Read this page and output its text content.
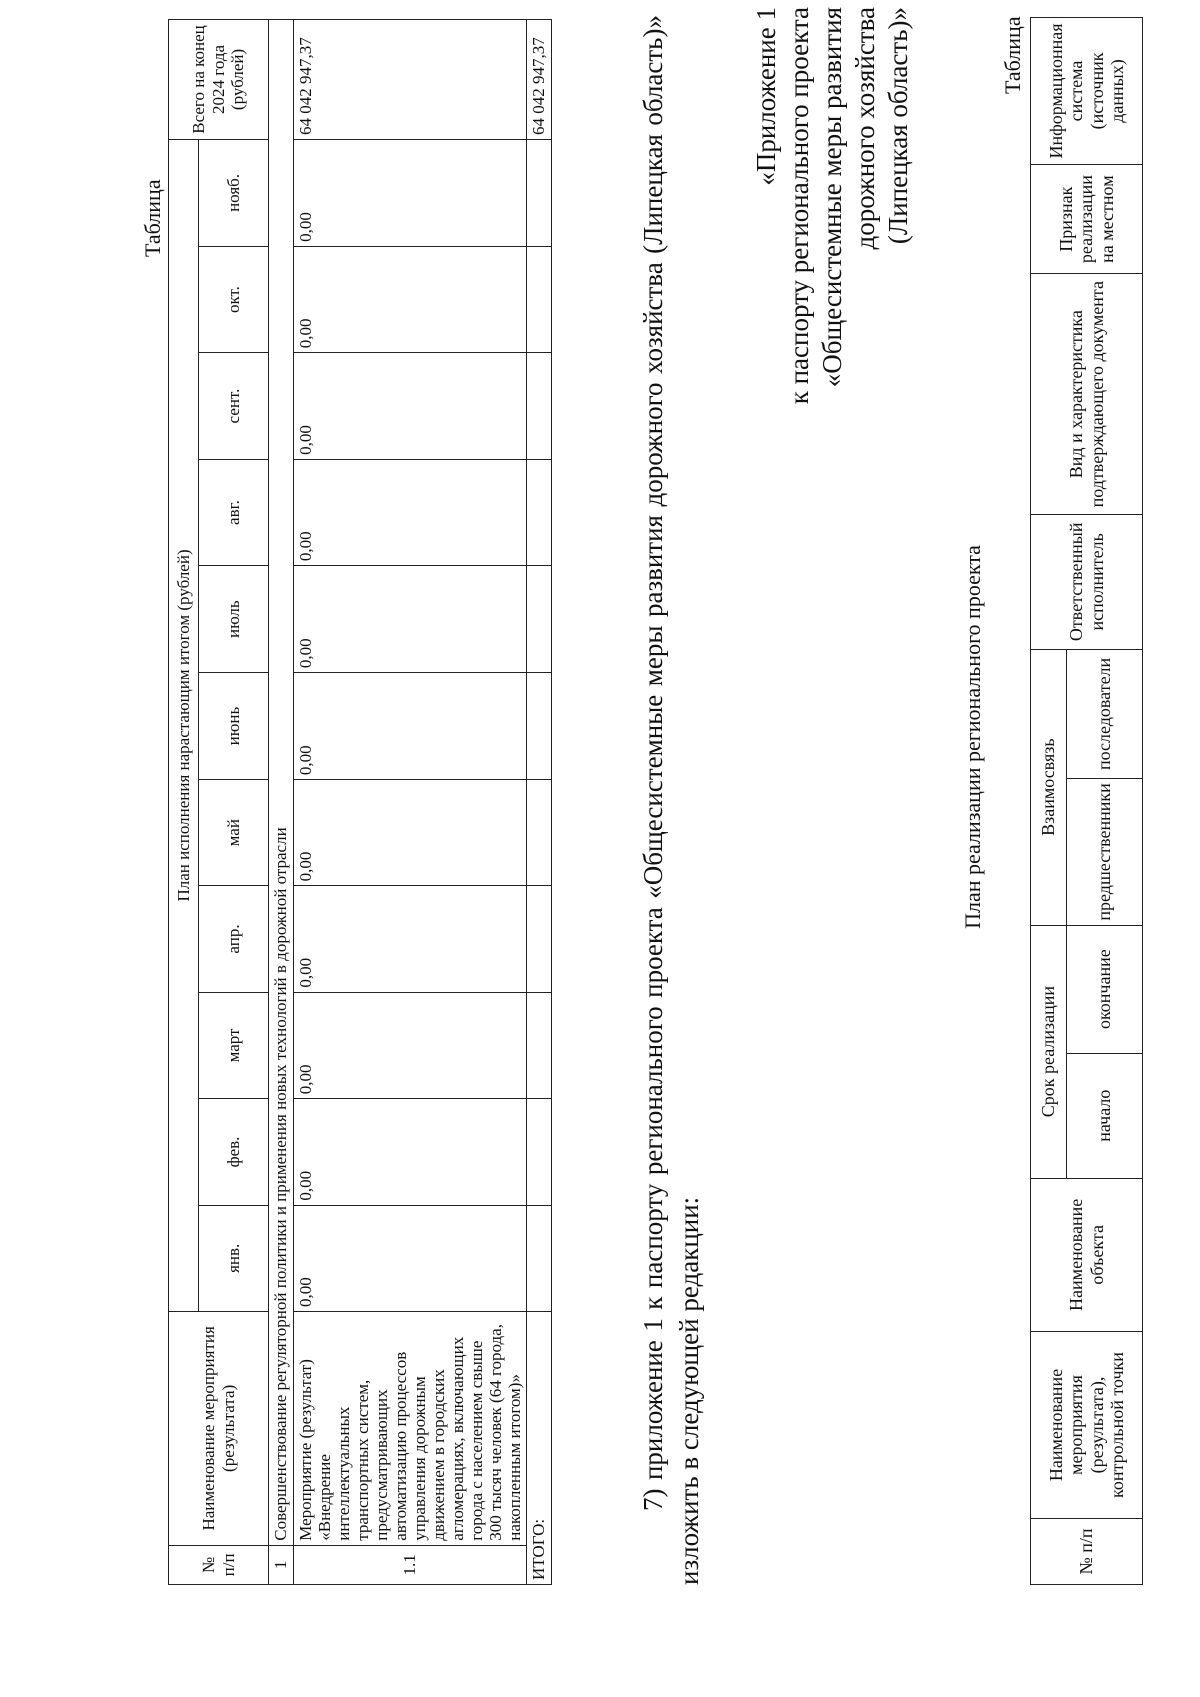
Таблица
№ п/п	Наименование мероприятия (результата)	План исполнения нарастающим итогом (рублей)											Всего на конец 2024 года (рублей)
		янв.	фев.	март	апр.	май	июнь	июль	авг.	сент.	окт.	нояб.	
1	Совершенствование регуляторной политики и применения новых технологий в дорожной отрасли												
1.1	Мероприятие (результат) «Внедрение интеллектуальных транспортных систем, предусматривающих автоматизацию процессов управления дорожным движением в городских агломерациях, включающих города с населением свыше 300 тысяч человек (64 города, накопленным итогом)»	0,00	0,00	0,00	0,00	0,00	0,00	0,00	0,00	0,00	0,00	0,00	64 042 947,37
ИТОГО:													64 042 947,37	7) приложение 1 к паспорту регионального проекта «Общесистемные меры развития дорожного хозяйства (Липецкая область)» изложить в следующей редакции:
«Приложение 1 к паспорту регионального проекта «Общесистемные меры развития дорожного хозяйства (Липецкая область)»
План реализации регионального проекта
Таблица
№ п/п	Наименование мероприятия (результата), контрольной точки	Наименование объекта	Срок реализации		Взаимосвязь		Ответственный исполнитель	Вид и характеристика подтверждающего документа	Признак реализации на местном	Информационная система (источник данных)
			начало	окончание	предшественники	последователи				
